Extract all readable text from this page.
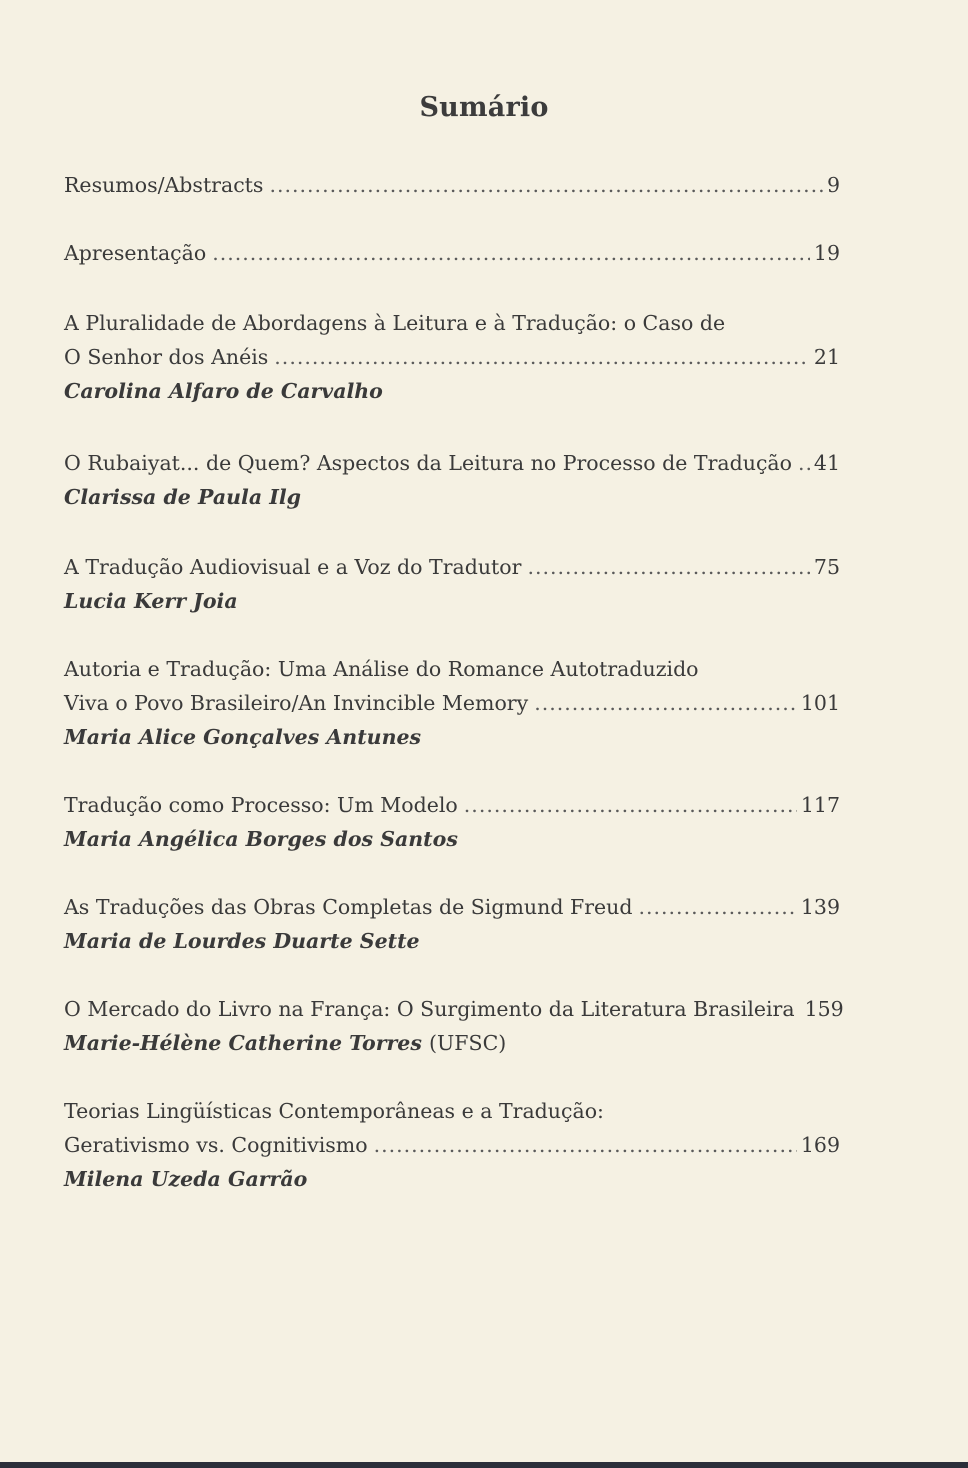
Sumário
Resumos/Abstracts .....	9
Apresentação .....	19
A Pluralidade de Abordagens à Leitura e à Tradução: o Caso de
O Senhor dos Anéis .....	21
Carolina Alfaro de Carvalho
O Rubaiyat... de Quem? Aspectos da Leitura no Processo de Tradução ..... 41
Clarissa de Paula Ilg
A Tradução Audiovisual e a Voz do Tradutor .....	75
Lucia Kerr Joia
Autoria e Tradução: Uma Análise do Romance Autotraduzido
Viva o Povo Brasileiro/An Invincible Memory .....	101
Maria Alice Gonçalves Antunes
Tradução como Processo: Um Modelo .....	117
Maria Angélica Borges dos Santos
As Traduções das Obras Completas de Sigmund Freud .....	139
Maria de Lourdes Duarte Sette
O Mercado do Livro na França: O Surgimento da Literatura Brasileira 159
Marie-Hélène Catherine Torres (UFSC)
Teorias Lingüísticas Contemporâneas e a Tradução:
Gerativismo vs. Cognitivismo .....	169
Milena Uzeda Garrão
